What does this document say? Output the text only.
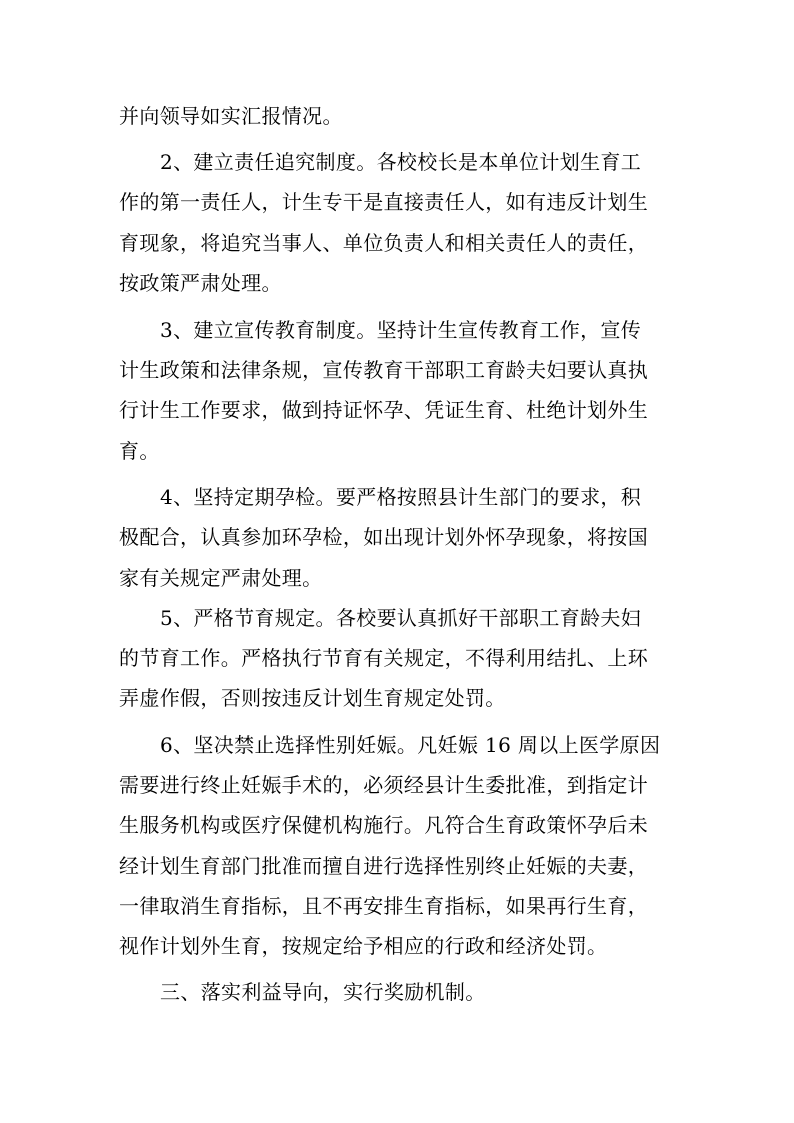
并向领导如实汇报情况。
2、建立责任追究制度。各校校长是本单位计划生育工
作的第一责任人，计生专干是直接责任人，如有违反计划生
育现象，将追究当事人、单位负责人和相关责任人的责任，
按政策严肃处理。
3、建立宣传教育制度。坚持计生宣传教育工作，宣传
计生政策和法律条规，宣传教育干部职工育龄夫妇要认真执
行计生工作要求，做到持证怀孕、凭证生育、杜绝计划外生
育。
4、坚持定期孕检。要严格按照县计生部门的要求，积
极配合，认真参加环孕检，如出现计划外怀孕现象，将按国
家有关规定严肃处理。
5、严格节育规定。各校要认真抓好干部职工育龄夫妇
的节育工作。严格执行节育有关规定，不得利用结扎、上环
弄虚作假，否则按违反计划生育规定处罚。
6、坚决禁止选择性别妊娠。凡妊娠 16 周以上医学原因
需要进行终止妊娠手术的，必须经县计生委批准，到指定计
生服务机构或医疗保健机构施行。凡符合生育政策怀孕后未
经计划生育部门批准而擅自进行选择性别终止妊娠的夫妻，
一律取消生育指标，且不再安排生育指标，如果再行生育，
视作计划外生育，按规定给予相应的行政和经济处罚。
三、落实利益导向，实行奖励机制。
